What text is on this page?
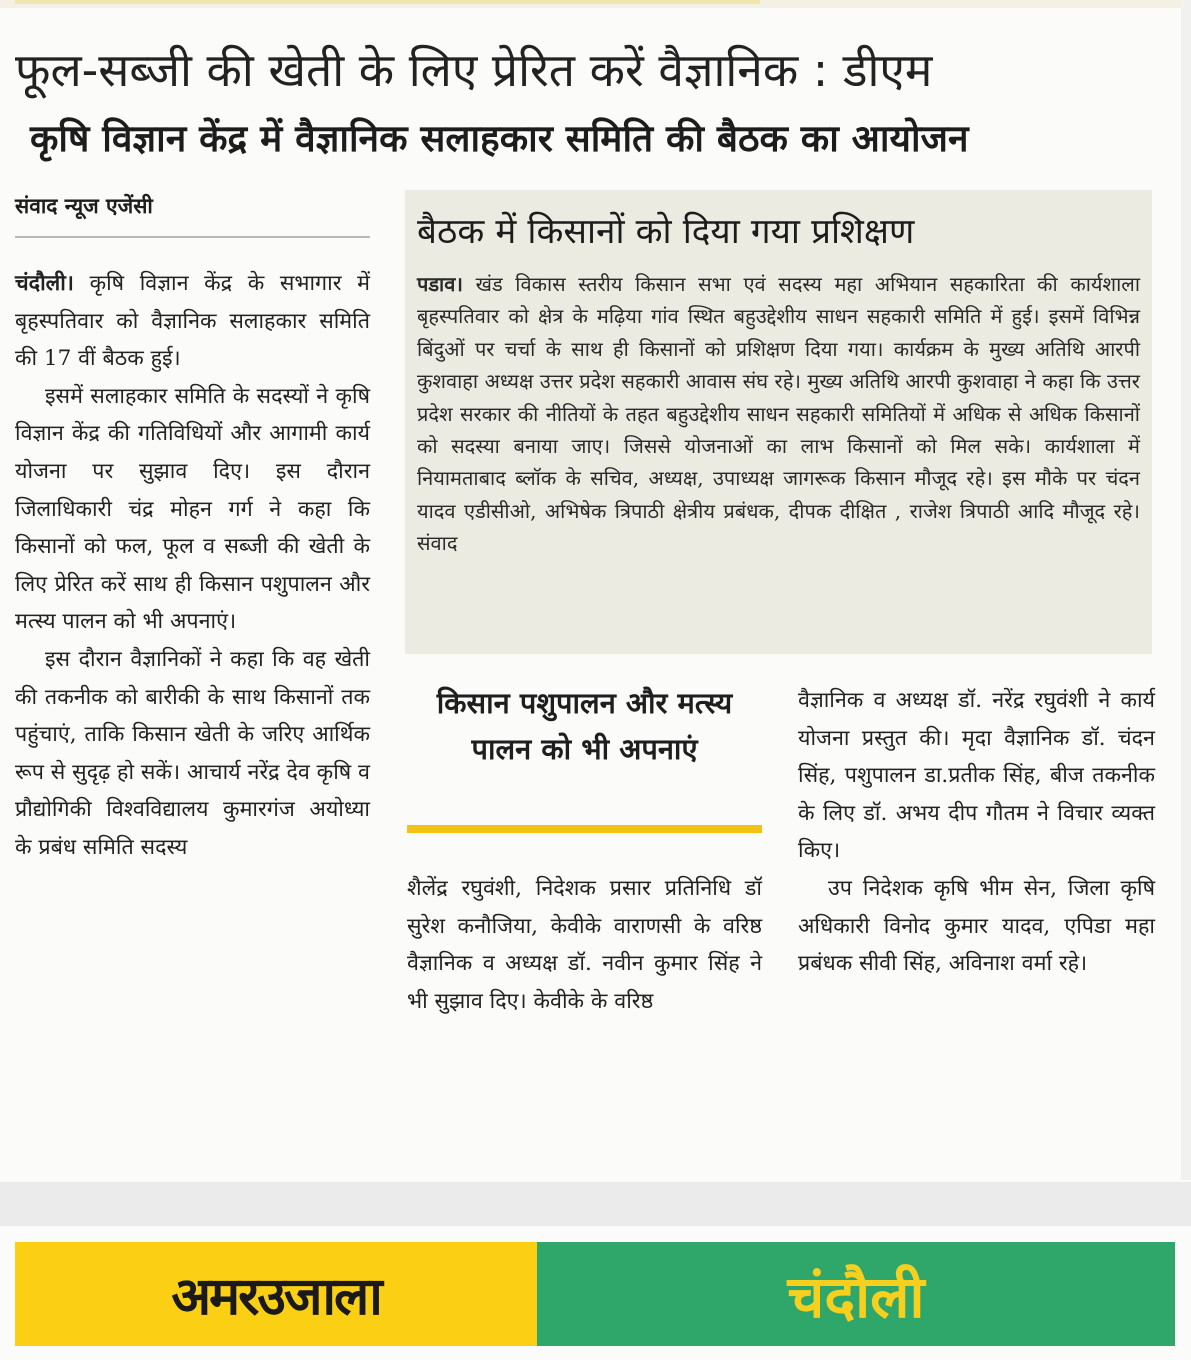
फूल-सब्जी की खेती के लिए प्रेरित करें वैज्ञानिक : डीएम
कृषि विज्ञान केंद्र में वैज्ञानिक सलाहकार समिति की बैठक का आयोजन
संवाद न्यूज एजेंसी

चंदौली। कृषि विज्ञान केंद्र के सभागार में बृहस्पतिवार को वैज्ञानिक सलाहकार समिति की 17 वीं बैठक हुई।

इसमें सलाहकार समिति के सदस्यों ने कृषि विज्ञान केंद्र की गतिविधियों और आगामी कार्य योजना पर सुझाव दिए। इस दौरान जिलाधिकारी चंद्र मोहन गर्ग ने कहा कि किसानों को फल, फूल व सब्जी की खेती के लिए प्रेरित करें साथ ही किसान पशुपालन और मत्स्य पालन को भी अपनाएं।

इस दौरान वैज्ञानिकों ने कहा कि वह खेती की तकनीक को बारीकी के साथ किसानों तक पहुंचाएं, ताकि किसान खेती के जरिए आर्थिक रूप से सुदृढ़ हो सकें। आचार्य नरेंद्र देव कृषि व प्रौद्योगिकी विश्वविद्यालय कुमारगंज अयोध्या के प्रबंध समिति सदस्य

बैठक में किसानों को दिया गया प्रशिक्षण

पडाव। खंड विकास स्तरीय किसान सभा एवं सदस्य महा अभियान सहकारिता की कार्यशाला बृहस्पतिवार को क्षेत्र के मढ़िया गांव स्थित बहुउद्देशीय साधन सहकारी समिति में हुई। इसमें विभिन्न बिंदुओं पर चर्चा के साथ ही किसानों को प्रशिक्षण दिया गया। कार्यक्रम के मुख्य अतिथि आरपी कुशवाहा अध्यक्ष उत्तर प्रदेश सहकारी आवास संघ रहे। मुख्य अतिथि आरपी कुशवाहा ने कहा कि उत्तर प्रदेश सरकार की नीतियों के तहत बहुउद्देशीय साधन सहकारी समितियों में अधिक से अधिक किसानों को सदस्या बनाया जाए। जिससे योजनाओं का लाभ किसानों को मिल सके। कार्यशाला में नियामताबाद ब्लॉक के सचिव, अध्यक्ष, उपाध्यक्ष जागरूक किसान मौजूद रहे। इस मौके पर चंदन यादव एडीसीओ, अभिषेक त्रिपाठी क्षेत्रीय प्रबंधक, दीपक दीक्षित , राजेश त्रिपाठी आदि मौजूद रहे। संवाद

किसान पशुपालन और मत्स्य पालन को भी अपनाएं

शैलेंद्र रघुवंशी, निदेशक प्रसार प्रतिनिधि डॉ सुरेश कनौजिया, केवीके वाराणसी के वरिष्ठ वैज्ञानिक व अध्यक्ष डॉ. नवीन कुमार सिंह ने भी सुझाव दिए। केवीके के वरिष्ठ

वैज्ञानिक व अध्यक्ष डॉ. नरेंद्र रघुवंशी ने कार्य योजना प्रस्तुत की। मृदा वैज्ञानिक डॉ. चंदन सिंह, पशुपालन डा.प्रतीक सिंह, बीज तकनीक के लिए डॉ. अभय दीप गौतम ने विचार व्यक्त किए।

उप निदेशक कृषि भीम सेन, जिला कृषि अधिकारी विनोद कुमार यादव, एपिडा महा प्रबंधक सीवी सिंह, अविनाश वर्मा रहे।

अमरउजाला	चंदौली
